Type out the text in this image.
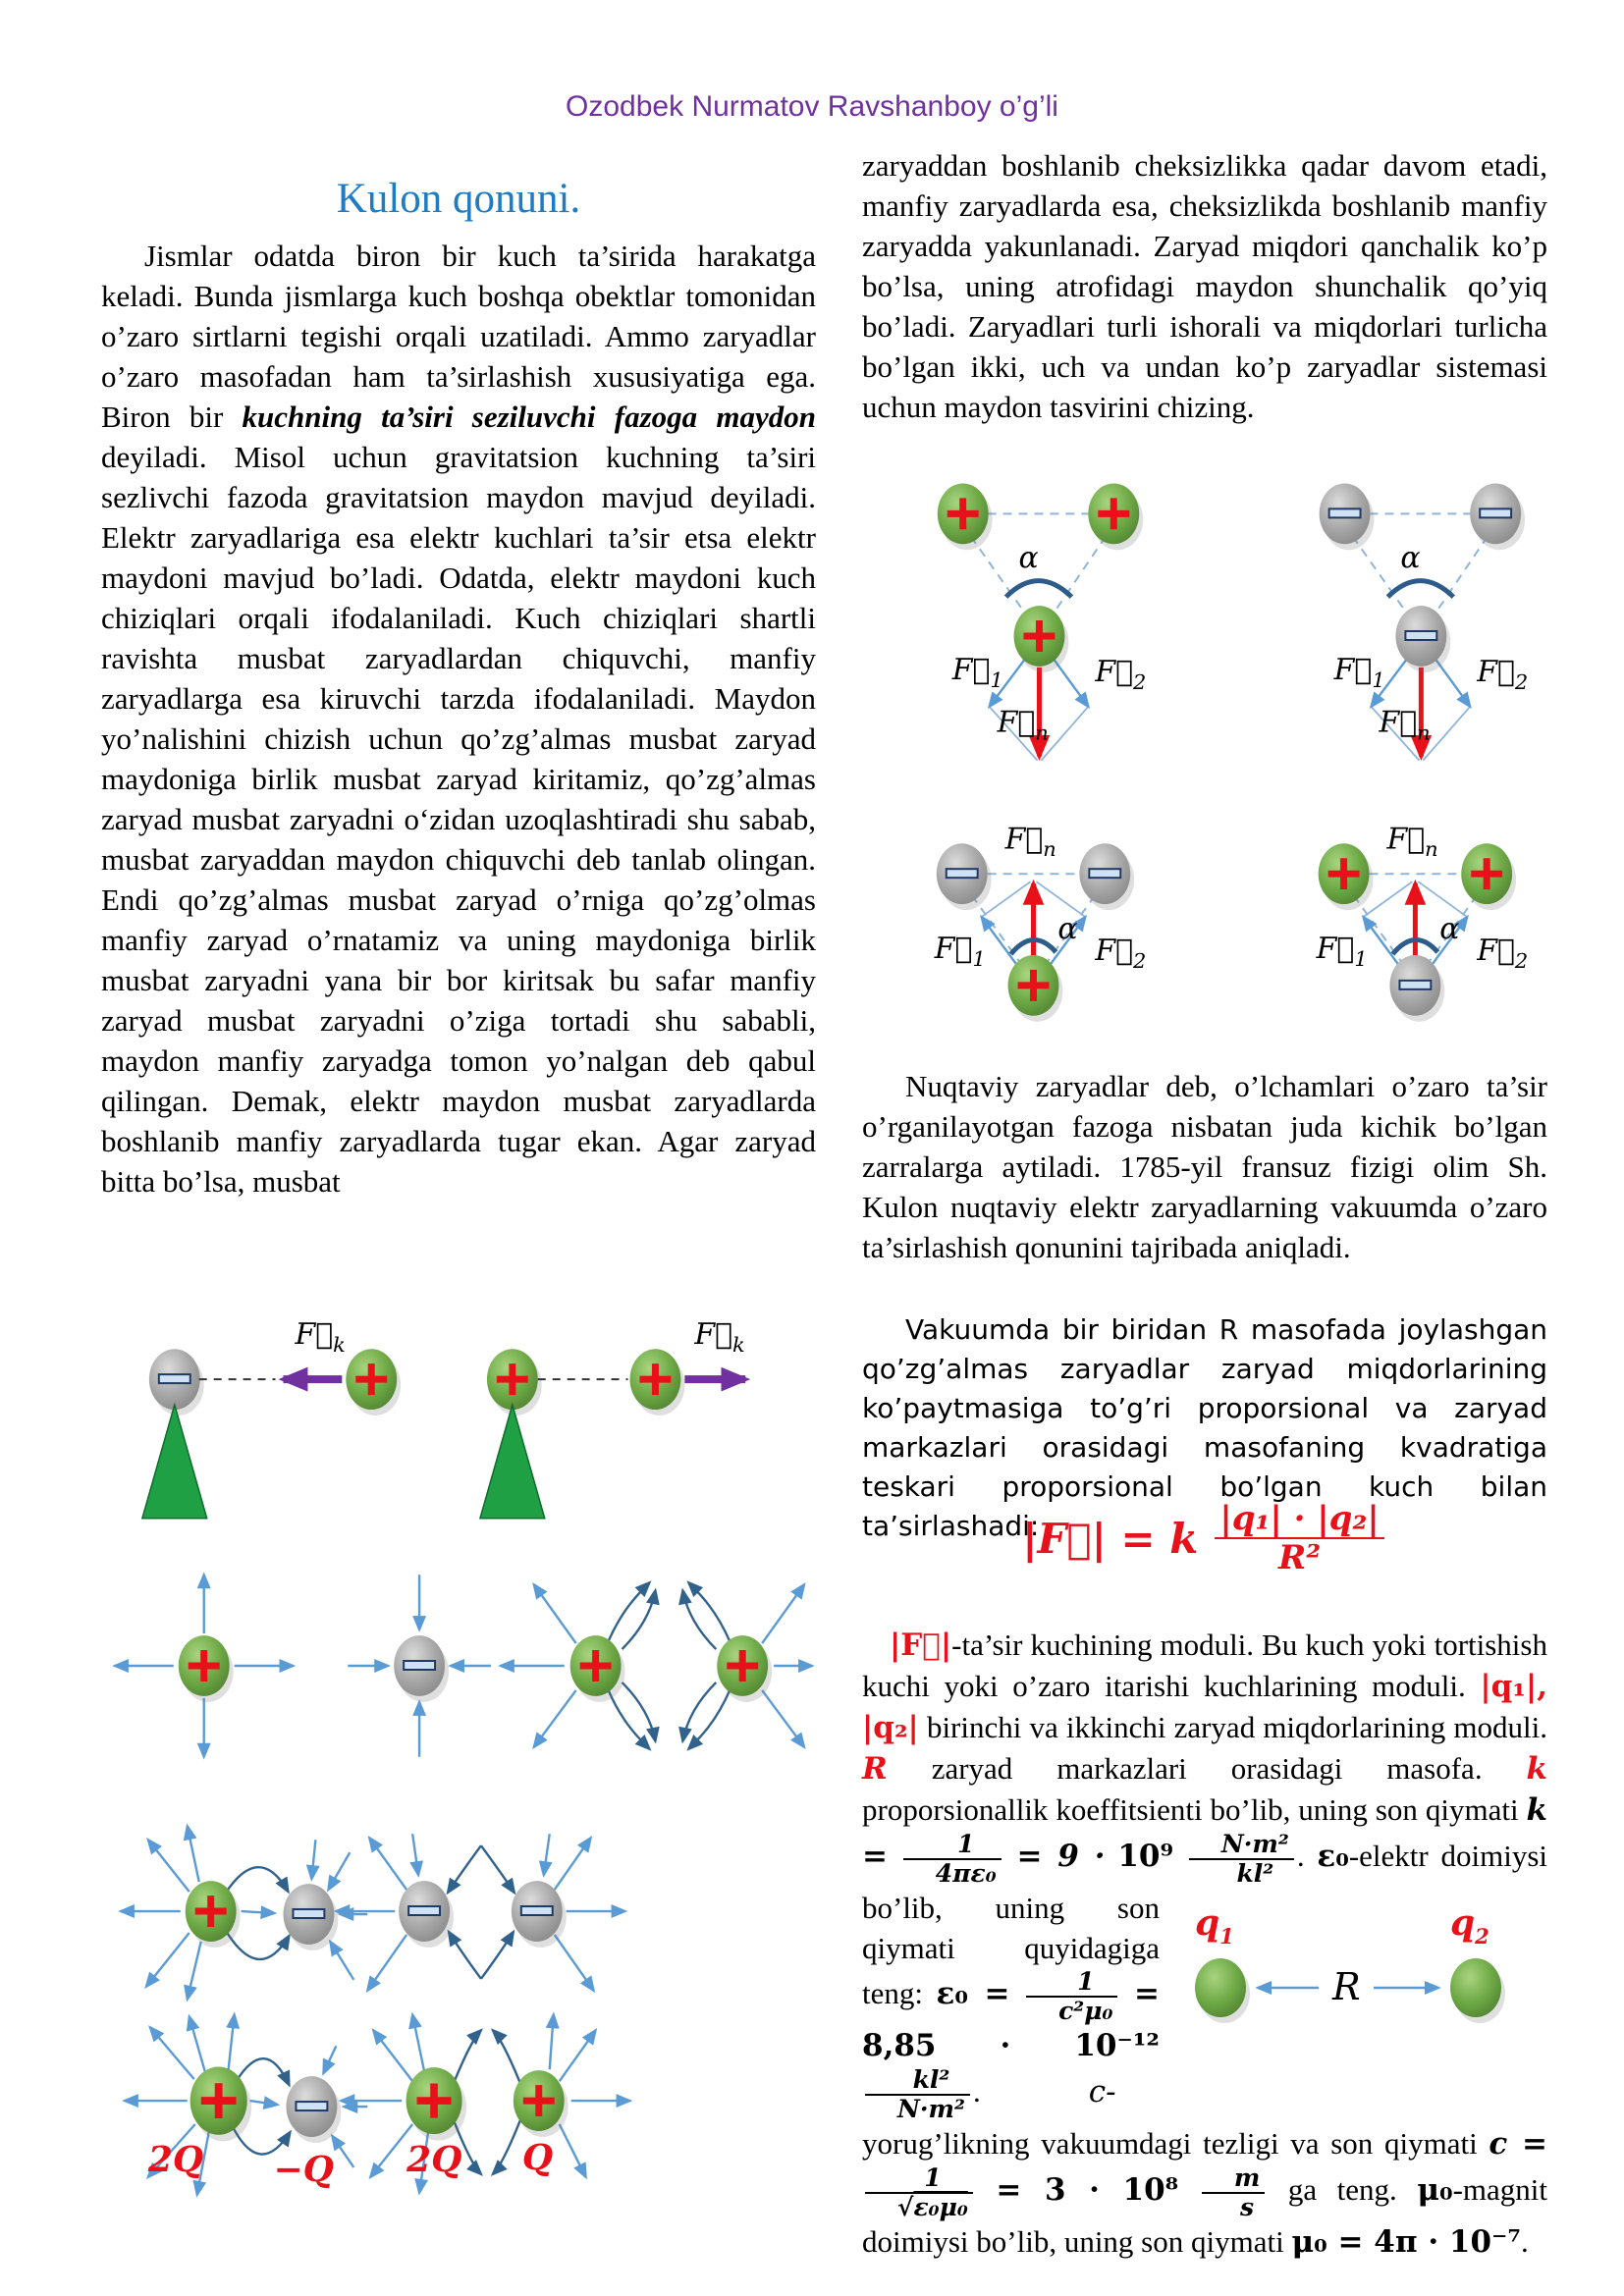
Ozodbek Nurmatov Ravshanboy o’g’li
Kulon qonuni.

Jismlar odatda biron bir kuch ta’sirida harakatga keladi. Bunda jismlarga kuch boshqa obektlar tomonidan o’zaro sirtlarni tegishi orqali uzatiladi. Ammo zaryadlar o’zaro masofadan ham ta’sirlashish xususiyatiga ega. Biron bir kuchning ta’siri seziluvchi fazoga maydon deyiladi. Misol uchun gravitatsion kuchning ta’siri sezlivchi fazoda gravitatsion maydon mavjud deyiladi. Elektr zaryadlariga esa elektr kuchlari ta’sir etsa elektr maydoni mavjud bo’ladi. Odatda, elektr maydoni kuch chiziqlari orqali ifodalaniladi. Kuch chiziqlari shartli ravishta musbat zaryadlardan chiquvchi, manfiy zaryadlarga esa kiruvchi tarzda ifodalaniladi. Maydon yo’nalishini chizish uchun qo’zg’almas musbat zaryad maydoniga birlik musbat zaryad kiritamiz, qo’zg’almas zaryad musbat zaryadni o‘zidan uzoqlashtiradi shu sabab, musbat zaryaddan maydon chiquvchi deb tanlab olingan. Endi qo’zg’almas musbat zaryad o’rniga qo’zg’olmas manfiy zaryad o’rnatamiz va uning maydoniga birlik musbat zaryadni yana bir bor kiritsak bu safar manfiy zaryad musbat zaryadni o’ziga tortadi shu sababli, maydon manfiy zaryadga tomon yo’nalgan deb qabul qilingan. Demak, elektr maydon musbat zaryadlarda boshlanib manfiy zaryadlarda tugar ekan. Agar zaryad bitta bo’lsa, musbat

$F⃗_k$	$F⃗_k$
2Q −Q 2Q Q

zaryaddan boshlanib cheksizlikka qadar davom etadi, manfiy zaryadlarda esa, cheksizlikda boshlanib manfiy zaryadda yakunlanadi. Zaryad miqdori qanchalik ko’p bo’lsa, uning atrofidagi maydon shunchalik qo’yiq bo’ladi. Zaryadlari turli ishorali va miqdorlari turlicha bo’lgan ikki, uch va undan ko’p zaryadlar sistemasi uchun maydon tasvirini chizing.

α
$F⃗_1$	$F⃗_2$
$F⃗_n$
α
$F⃗_1$	$F⃗_2$
$F⃗_n$
α
$F⃗_n$
$F⃗_1$	$F⃗_2$
α
$F⃗_n$
$F⃗_1$	$F⃗_2$

Nuqtaviy zaryadlar deb, o’lchamlari o’zaro ta’sir o’rganilayotgan fazoga nisbatan juda kichik bo’lgan zarralarga aytiladi. 1785-yil fransuz fizigi olim Sh. Kulon nuqtaviy elektr zaryadlarning vakuumda o’zaro ta’sirlashish qonunini tajribada aniqladi.

Vakuumda bir biridan R masofada joylashgan qo’zg’almas zaryadlar zaryad miqdorlarining ko’paytmasiga to’g’ri proporsional va zaryad markazlari orasidagi masofaning kvadratiga teskari proporsional bo’lgan kuch bilan ta’sirlashadi:

|F⃗| = k $\frac{\text{|q₁| · |q₂|}}{\text{R²}}$
|F⃗|-ta’sir kuchining moduli. Bu kuch yoki tortishish kuchi yoki o’zaro itarishi kuchlarining moduli. |q₁|, |q₂| birinchi va ikkinchi zaryad miqdorlarining moduli. R zaryad markazlari orasidagi masofa. k proporsionallik koeffitsienti bo’lib, uning son qiymati $k = \frac{1}{\text{4πε₀}} = 9 \cdot 10^9 \frac{\text{N·m²}}{\text{kl²}}$ .
$q_1$	$q_2$
R
ε₀-elektr doimiysi bo’lib, uning son qiymati quyidagiga teng: $\varepsilon_0 = \frac{1}{\text{c²μ₀}} = 8,85 \cdot 10^{-12}$
$\frac{\text{kl²}}{\text{N·m²}}$ .	c- yorug’likning vakuumdagi tezligi va son qiymati c =
$\frac{1}{\text{√ε₀μ₀}} = 3 \cdot 10^8 \frac{m}{s}$ ga teng. μ₀-magnit doimiysi bo’lib, uning son qiymati μ₀ = 4π · 10⁻⁷.
